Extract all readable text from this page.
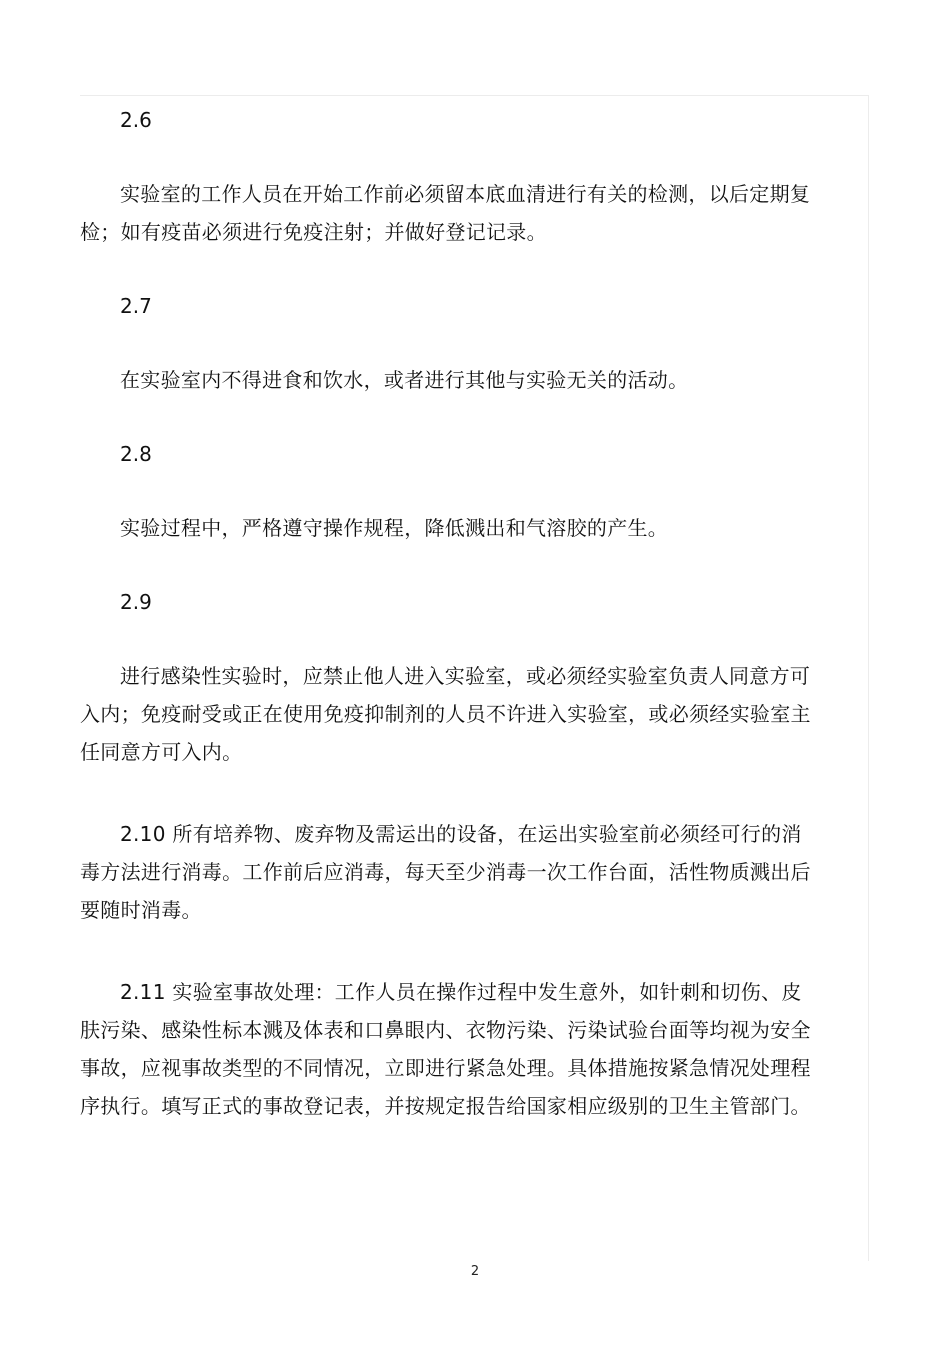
2.6

实验室的工作人员在开始工作前必须留本底血清进行有关的检测，以后定期复检；如有疫苗必须进行免疫注射；并做好登记记录。

2.7

在实验室内不得进食和饮水，或者进行其他与实验无关的活动。

2.8

实验过程中，严格遵守操作规程，降低溅出和气溶胶的产生。

2.9

进行感染性实验时，应禁止他人进入实验室，或必须经实验室负责人同意方可入内；免疫耐受或正在使用免疫抑制剂的人员不许进入实验室，或必须经实验室主任同意方可入内。

2.10 所有培养物、废弃物及需运出的设备，在运出实验室前必须经可行的消毒方法进行消毒。工作前后应消毒，每天至少消毒一次工作台面，活性物质溅出后要随时消毒。

2.11 实验室事故处理：工作人员在操作过程中发生意外，如针刺和切伤、皮肤污染、感染性标本溅及体表和口鼻眼内、衣物污染、污染试验台面等均视为安全事故，应视事故类型的不同情况，立即进行紧急处理。具体措施按紧急情况处理程序执行。填写正式的事故登记表，并按规定报告给国家相应级别的卫生主管部门。

2
